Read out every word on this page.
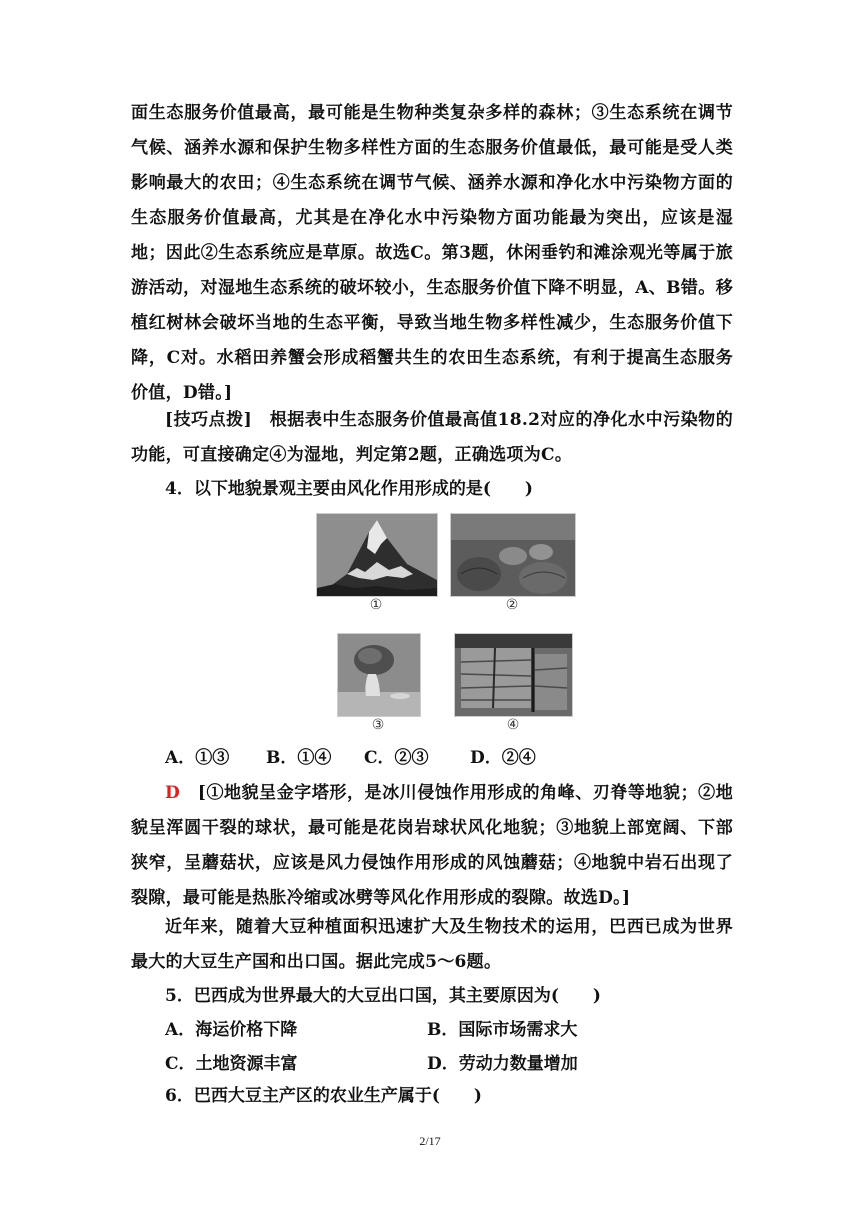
面生态服务价值最高，最可能是生物种类复杂多样的森林；③生态系统在调节气候、涵养水源和保护生物多样性方面的生态服务价值最低，最可能是受人类影响最大的农田；④生态系统在调节气候、涵养水源和净化水中污染物方面的生态服务价值最高，尤其是在净化水中污染物方面功能最为突出，应该是湿地；因此②生态系统应是草原。故选C。第3题，休闲垂钓和滩涂观光等属于旅游活动，对湿地生态系统的破坏较小，生态服务价值下降不明显，A、B错。移植红树林会破坏当地的生态平衡，导致当地生物多样性减少，生态服务价值下降，C对。水稻田养蟹会形成稻蟹共生的农田生态系统，有利于提高生态服务价值，D错。]
[技巧点拨]　 根据表中生态服务价值最高值18.2对应的净化水中污染物的功能，可直接确定④为湿地，判定第2题，正确选项为C。
4．以下地貌景观主要由风化作用形成的是(　　)
①	②
③	④
A．①③ B．①④ C．②③ D．②④
D　 [①地貌呈金字塔形，是冰川侵蚀作用形成的角峰、刃脊等地貌；②地貌呈浑圆干裂的球状，最可能是花岗岩球状风化地貌；③地貌上部宽阔、下部狭窄，呈蘑菇状，应该是风力侵蚀作用形成的风蚀蘑菇；④地貌中岩石出现了裂隙，最可能是热胀冷缩或冰劈等风化作用形成的裂隙。故选D。]
近年来，随着大豆种植面积迅速扩大及生物技术的运用，巴西已成为世界最大的大豆生产国和出口国。据此完成5～6题。
5．巴西成为世界最大的大豆出口国，其主要原因为(　　)
A．海运价格下降	B．国际市场需求大
C．土地资源丰富	D．劳动力数量增加
6．巴西大豆主产区的农业生产属于(　　)
2/17
